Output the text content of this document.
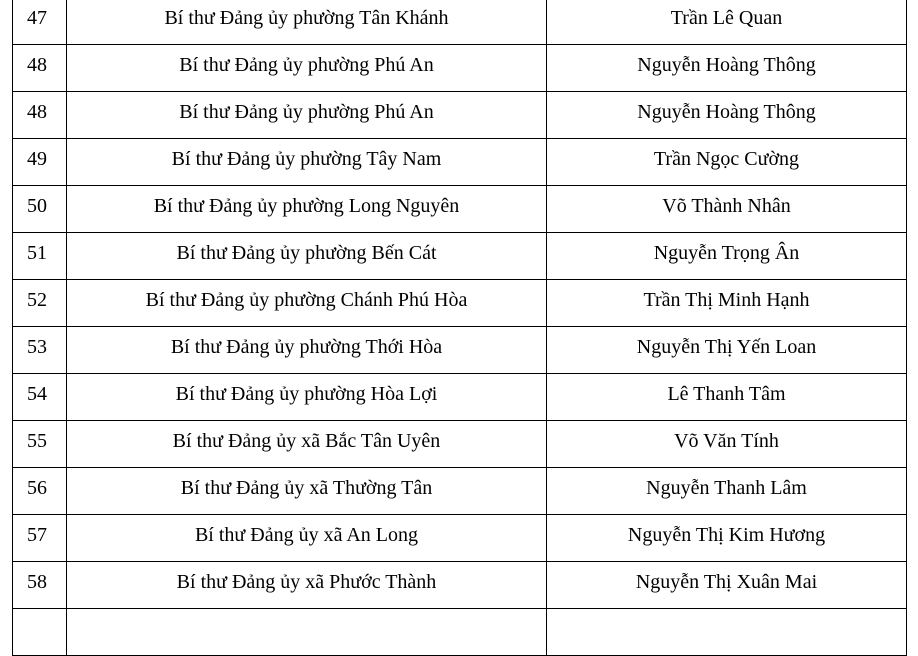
47	Bí thư Đảng ủy phường Tân Khánh	Trần Lê Quan
48	Bí thư Đảng ủy phường Phú An	Nguyễn Hoàng Thông
48	Bí thư Đảng ủy phường Phú An	Nguyễn Hoàng Thông
49	Bí thư Đảng ủy phường Tây Nam	Trần Ngọc Cường
50	Bí thư Đảng ủy phường Long Nguyên	Võ Thành Nhân
51	Bí thư Đảng ủy phường Bến Cát	Nguyễn Trọng Ân
52	Bí thư Đảng ủy phường Chánh Phú Hòa	Trần Thị Minh Hạnh
53	Bí thư Đảng ủy phường Thới Hòa	Nguyễn Thị Yến Loan
54	Bí thư Đảng ủy phường Hòa Lợi	Lê Thanh Tâm
55	Bí thư Đảng ủy xã Bắc Tân Uyên	Võ Văn Tính
56	Bí thư Đảng ủy xã Thường Tân	Nguyễn Thanh Lâm
57	Bí thư Đảng ủy xã An Long	Nguyễn Thị Kim Hương
58	Bí thư Đảng ủy xã Phước Thành	Nguyễn Thị Xuân Mai
